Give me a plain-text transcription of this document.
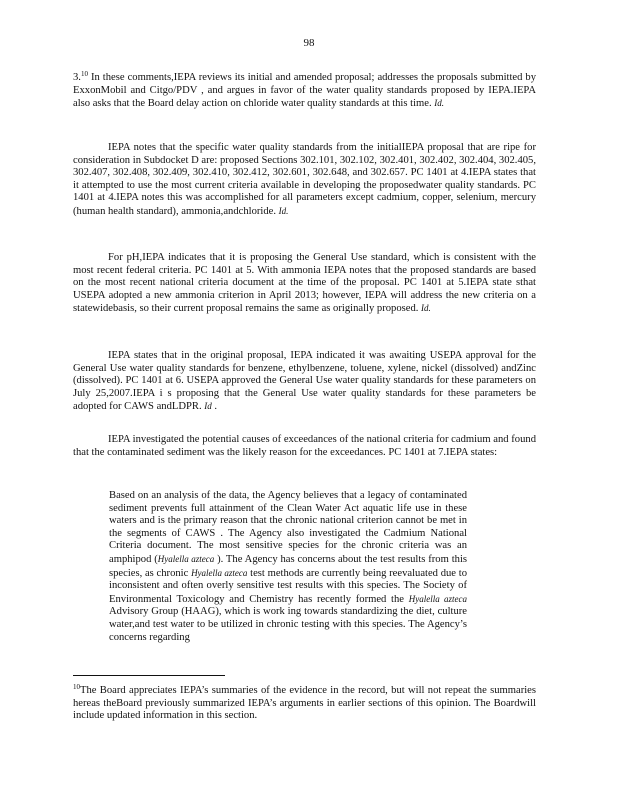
98

3.10 In these comments,IEPA reviews its initial and amended proposal; addresses the proposals submitted by ExxonMobil and Citgo/PDV , and argues in favor of the water quality standards proposed by IEPA.IEPA also asks that the Board delay action on chloride water quality standards at this time. Id.

IEPA notes that the specific water quality standards from the initialIEPA proposal that are ripe for consideration in Subdocket D are: proposed Sections 302.101, 302.102, 302.401, 302.402, 302.404, 302.405, 302.407, 302.408, 302.409, 302.410, 302.412, 302.601, 302.648, and 302.657. PC 1401 at 4.IEPA states that it attempted to use the most current criteria available in developing the proposedwater quality standards. PC 1401 at 4.IEPA notes this was accomplished for all parameters except cadmium, copper, selenium, mercury (human health standard), ammonia,andchloride. Id.

For pH,IEPA indicates that it is proposing the General Use standard, which is consistent with the most recent federal criteria. PC 1401 at 5. With ammonia IEPA notes that the proposed standards are based on the most recent national criteria document at the time of the proposal. PC 1401 at 5.IEPA state sthat USEPA adopted a new ammonia criterion in April 2013; however, IEPA will address the new criteria on a statewidebasis, so their current proposal remains the same as originally proposed. Id.

IEPA states that in the original proposal, IEPA indicated it was awaiting USEPA approval for the General Use water quality standards for benzene, ethylbenzene, toluene, xylene, nickel (dissolved) andZinc (dissolved). PC 1401 at 6. USEPA approved the General Use water quality standards for these parameters on July 25,2007.IEPA i s proposing that the General Use water quality standards for these parameters be adopted for CAWS andLDPR. Id .

IEPA investigated the potential causes of exceedances of the national criteria for cadmium and found that the contaminated sediment was the likely reason for the exceedances. PC 1401 at 7.IEPA states:

Based on an analysis of the data, the Agency believes that a legacy of contaminated sediment prevents full attainment of the Clean Water Act aquatic life use in these waters and is the primary reason that the chronic national criterion cannot be met in the segments of CAWS . The Agency also investigated the Cadmium National Criteria document. The most sensitive species for the chronic criteria was an amphipod (Hyalella azteca ). The Agency has concerns about the test results from this species, as chronic Hyalella azteca test methods are currently being reevaluated due to inconsistent and often overly sensitive test results with this species. The Society of Environmental Toxicology and Chemistry has recently formed the Hyalella azteca Advisory Group (HAAG), which is work ing towards standardizing the diet, culture water,and test water to be utilized in chronic testing with this species. The Agency’s concerns regarding

$^{10}$The Board appreciates IEPA’s summaries of the evidence in the record, but will not repeat the summaries hereas theBoard previously summarized IEPA’s arguments in earlier sections of this opinion. The Boardwill include updated information in this section.
